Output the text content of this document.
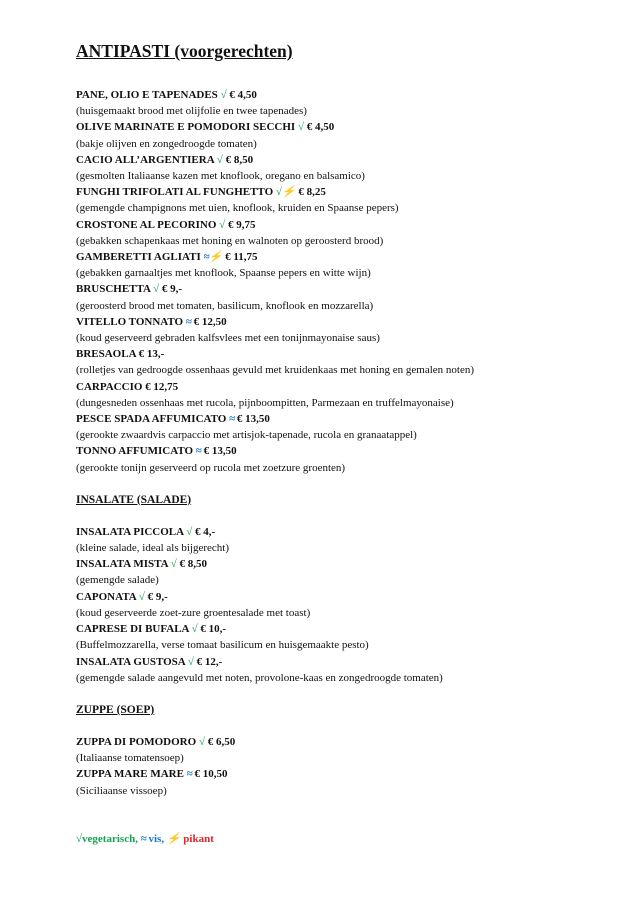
ANTIPASTI (voorgerechten)
PANE, OLIO E TAPENADES √ € 4,50
(huisgemaakt brood met olijfolie en twee tapenades)
OLIVE MARINATE E POMODORI SECCHI √ € 4,50
(bakje olijven en zongedroogde tomaten)
CACIO ALL’ARGENTIERA √ € 8,50
(gesmolten Italiaanse kazen met knoflook, oregano en balsamico)
FUNGHI TRIFOLATI AL FUNGHETTO √⚡ € 8,25
(gemengde champignons met uien, knoflook, kruiden en Spaanse pepers)
CROSTONE AL PECORINO √ € 9,75
(gebakken schapenkaas met honing en walnoten op geroosterd brood)
GAMBERETTI AGLIATI ≈⚡ € 11,75
(gebakken garnaaltjes met knoflook, Spaanse pepers en witte wijn)
BRUSCHETTA √ € 9,-
(geroosterd brood met tomaten, basilicum, knoflook en mozzarella)
VITELLO TONNATO ≈ € 12,50
(koud geserveerd gebraden kalfsvlees met een tonijnmayonaise saus)
BRESAOLA € 13,-
(rolletjes van gedroogde ossenhaas gevuld met kruidenkaas met honing en gemalen noten)
CARPACCIO € 12,75
(dungesneden ossenhaas met rucola, pijnboompitten, Parmezaan en truffelmayonaise)
PESCE SPADA AFFUMICATO ≈ € 13,50
(gerookte zwaardvis carpaccio met artisjok-tapenade, rucola en granaatappel)
TONNO AFFUMICATO ≈ € 13,50
(gerookte tonijn geserveerd op rucola met zoetzure groenten)
INSALATE (SALADE)
INSALATA PICCOLA √ € 4,-
(kleine salade, ideal als bijgerecht)
INSALATA MISTA √ € 8,50
(gemengde salade)
CAPONATA √ € 9,-
(koud geserveerde zoet-zure groentesalade met toast)
CAPRESE DI BUFALA √ € 10,-
(Buffelmozzarella, verse tomaat basilicum en huisgemaakte pesto)
INSALATA GUSTOSA √ € 12,-
(gemengde salade aangevuld met noten, provolone-kaas en zongedroogde tomaten)
ZUPPE (SOEP)
ZUPPA DI POMODORO √ € 6,50
(Italiaanse tomatensoep)
ZUPPA MARE MARE ≈ € 10,50
(Siciliaanse vissoep)
√vegetarisch, ≈ vis, ⚡ pikant
